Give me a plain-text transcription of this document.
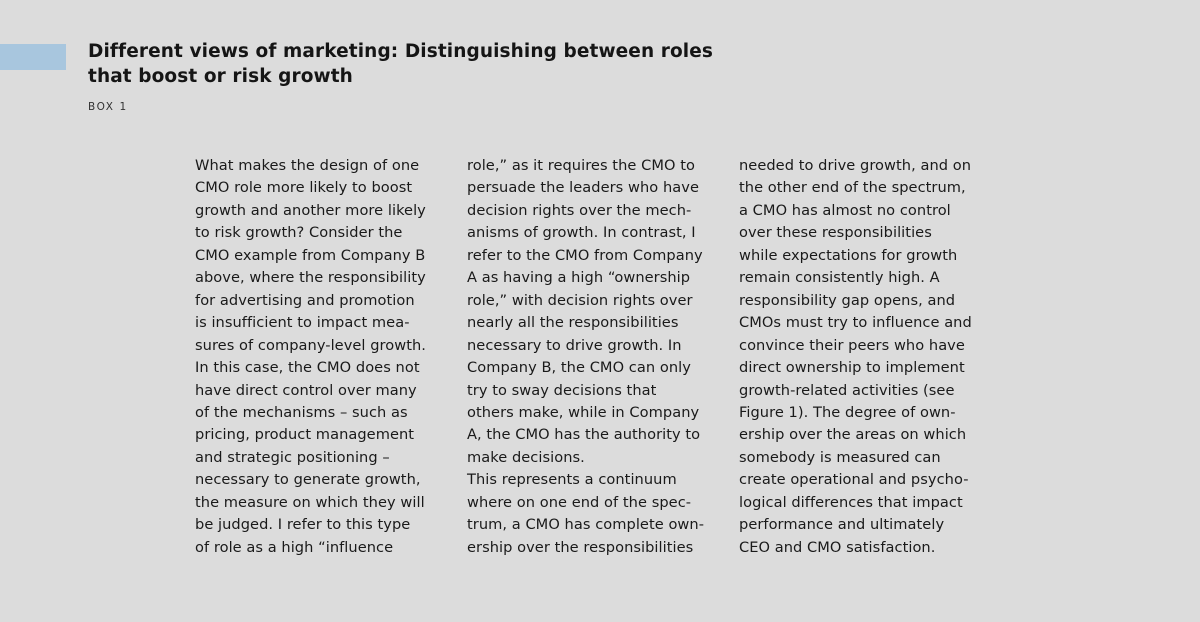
Different views of marketing: Distinguishing between roles
that boost or risk growth
BOX 1

What makes the design of one
CMO role more likely to boost
growth and another more likely
to risk growth? Consider the
CMO example from Company B
above, where the responsibility
for advertising and promotion
is insufficient to impact mea-
sures of company-level growth.
In this case, the CMO does not
have direct control over many
of the mechanisms – such as
pricing, product management
and strategic positioning –
necessary to generate growth,
the measure on which they will
be judged. I refer to this type
of role as a high “influence

role,” as it requires the CMO to
persuade the leaders who have
decision rights over the mech-
anisms of growth. In contrast, I
refer to the CMO from Company
A as having a high “ownership
role,” with decision rights over
nearly all the responsibilities
necessary to drive growth. In
Company B, the CMO can only
try to sway decisions that
others make, while in Company
A, the CMO has the authority to
make decisions.
This represents a continuum
where on one end of the spec-
trum, a CMO has complete own-
ership over the responsibilities

needed to drive growth, and on
the other end of the spectrum,
a CMO has almost no control
over these responsibilities
while expectations for growth
remain consistently high. A
responsibility gap opens, and
CMOs must try to influence and
convince their peers who have
direct ownership to implement
growth-related activities (see
Figure 1). The degree of own-
ership over the areas on which
somebody is measured can
create operational and psycho-
logical differences that impact
performance and ultimately
CEO and CMO satisfaction.
